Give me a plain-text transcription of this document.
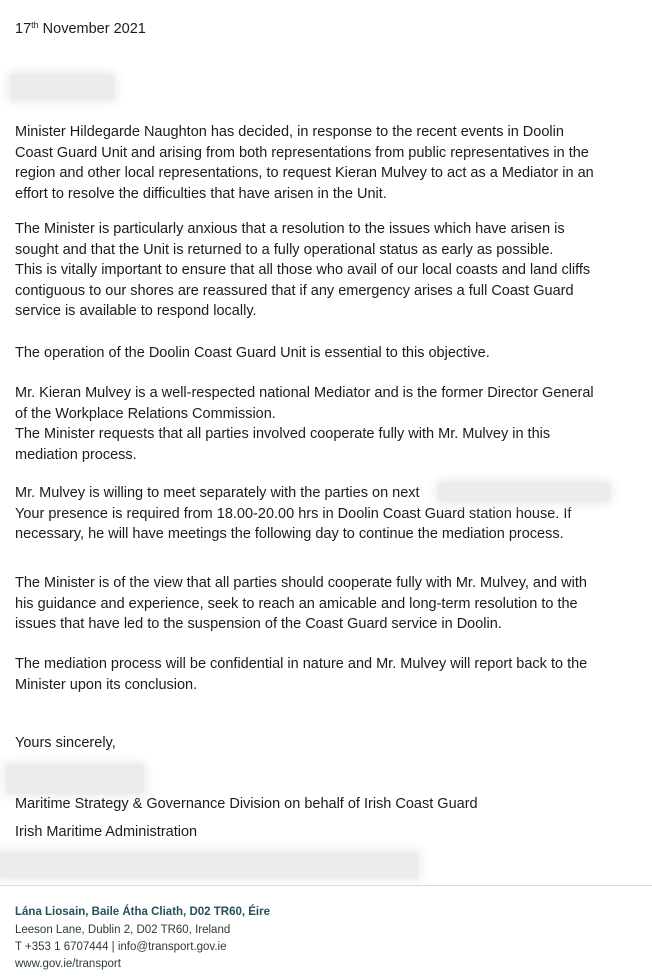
17th November 2021

Minister Hildegarde Naughton has decided, in response to the recent events in Doolin
Coast Guard Unit and arising from both representations from public representatives in the
region and other local representations, to request Kieran Mulvey to act as a Mediator in an
effort to resolve the difficulties that have arisen in the Unit.

The Minister is particularly anxious that a resolution to the issues which have arisen is
sought and that the Unit is returned to a fully operational status as early as possible.
This is vitally important to ensure that all those who avail of our local coasts and land cliffs
contiguous to our shores are reassured that if any emergency arises a full Coast Guard
service is available to respond locally.

The operation of the Doolin Coast Guard Unit is essential to this objective.

Mr. Kieran Mulvey is a well-respected national Mediator and is the former Director General
of the Workplace Relations Commission.
The Minister requests that all parties involved cooperate fully with Mr. Mulvey in this
mediation process.

Mr. Mulvey is willing to meet separately with the parties on next
Your presence is required from 18.00-20.00 hrs in Doolin Coast Guard station house. If
necessary, he will have meetings the following day to continue the mediation process.

The Minister is of the view that all parties should cooperate fully with Mr. Mulvey, and with
his guidance and experience, seek to reach an amicable and long-term resolution to the
issues that have led to the suspension of the Coast Guard service in Doolin.

The mediation process will be confidential in nature and Mr. Mulvey will report back to the
Minister upon its conclusion.

Yours sincerely,
Maritime Strategy & Governance Division on behalf of Irish Coast Guard
Irish Maritime Administration
Lána Liosain, Baile Átha Cliath, D02 TR60, Éire
Leeson Lane, Dublin 2, D02 TR60, Ireland
T +353 1 6707444 | info@transport.gov.ie
www.gov.ie/transport
